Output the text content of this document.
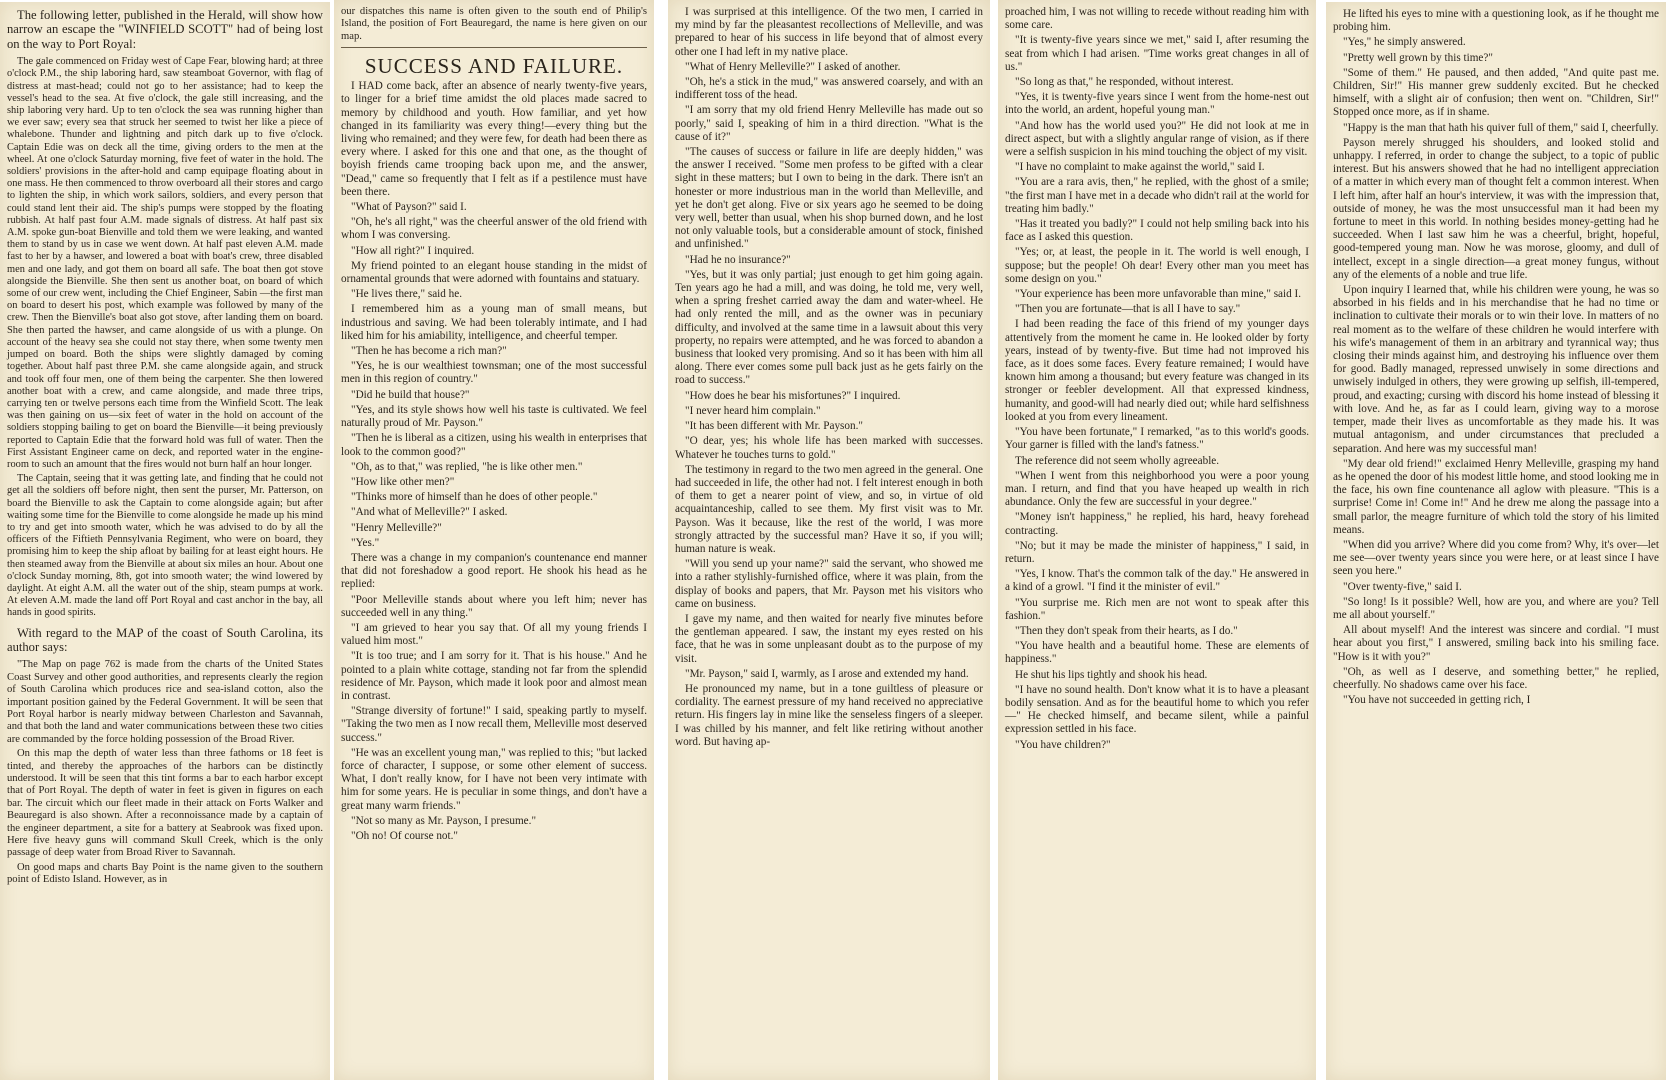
The following letter, published in the Herald, will show how narrow an escape the "WINFIELD SCOTT" had of being lost on the way to Port Royal:

The gale commenced on Friday west of Cape Fear, blowing hard; at three o'clock P.M., the ship laboring hard, saw steamboat Governor, with flag of distress at mast-head; could not go to her assistance; had to keep the vessel's head to the sea. At five o'clock, the gale still increasing, and the ship laboring very hard. Up to ten o'clock the sea was running higher than we ever saw; every sea that struck her seemed to twist her like a piece of whalebone. Thunder and lightning and pitch dark up to five o'clock. Captain Edie was on deck all the time, giving orders to the men at the wheel. At one o'clock Saturday morning, five feet of water in the hold. The soldiers' provisions in the after-hold and camp equipage floating about in one mass. He then commenced to throw overboard all their stores and cargo to lighten the ship, in which work sailors, soldiers, and every person that could stand lent their aid. The ship's pumps were stopped by the floating rubbish. At half past four A.M. made signals of distress. At half past six A.M. spoke gun-boat Bienville and told them we were leaking, and wanted them to stand by us in case we went down. At half past eleven A.M. made fast to her by a hawser, and lowered a boat with boat's crew, three disabled men and one lady, and got them on board all safe. The boat then got stove alongside the Bienville. She then sent us another boat, on board of which some of our crew went, including the Chief Engineer, Sabin —the first man on board to desert his post, which example was followed by many of the crew. Then the Bienville's boat also got stove, after landing them on board. She then parted the hawser, and came alongside of us with a plunge. On account of the heavy sea she could not stay there, when some twenty men jumped on board. Both the ships were slightly damaged by coming together. About half past three P.M. she came alongside again, and struck and took off four men, one of them being the carpenter. She then lowered another boat with a crew, and came alongside, and made three trips, carrying ten or twelve persons each time from the Winfield Scott. The leak was then gaining on us—six feet of water in the hold on account of the soldiers stopping bailing to get on board the Bienville—it being previously reported to Captain Edie that the forward hold was full of water. Then the First Assistant Engineer came on deck, and reported water in the engine-room to such an amount that the fires would not burn half an hour longer.

The Captain, seeing that it was getting late, and finding that he could not get all the soldiers off before night, then sent the purser, Mr. Patterson, on board the Bienville to ask the Captain to come alongside again; but after waiting some time for the Bienville to come alongside he made up his mind to try and get into smooth water, which he was advised to do by all the officers of the Fiftieth Pennsylvania Regiment, who were on board, they promising him to keep the ship afloat by bailing for at least eight hours. He then steamed away from the Bienville at about six miles an hour. About one o'clock Sunday morning, 8th, got into smooth water; the wind lowered by daylight. At eight A.M. all the water out of the ship, steam pumps at work. At eleven A.M. made the land off Port Royal and cast anchor in the bay, all hands in good spirits.

With regard to the MAP of the coast of South Carolina, its author says:

"The Map on page 762 is made from the charts of the United States Coast Survey and other good authorities, and represents clearly the region of South Carolina which produces rice and sea-island cotton, also the important position gained by the Federal Government. It will be seen that Port Royal harbor is nearly midway between Charleston and Savannah, and that both the land and water communications between these two cities are commanded by the force holding possession of the Broad River.

On this map the depth of water less than three fathoms or 18 feet is tinted, and thereby the approaches of the harbors can be distinctly understood. It will be seen that this tint forms a bar to each harbor except that of Port Royal. The depth of water in feet is given in figures on each bar. The circuit which our fleet made in their attack on Forts Walker and Beauregard is also shown. After a reconnoissance made by a captain of the engineer department, a site for a battery at Seabrook was fixed upon. Here five heavy guns will command Skull Creek, which is the only passage of deep water from Broad River to Savannah.

On good maps and charts Bay Point is the name given to the southern point of Edisto Island. However, as in

our dispatches this name is often given to the south end of Philip's Island, the position of Fort Beauregard, the name is here given on our map.

SUCCESS AND FAILURE.

I HAD come back, after an absence of nearly twenty-five years, to linger for a brief time amidst the old places made sacred to memory by childhood and youth. How familiar, and yet how changed in its familiarity was every thing!—every thing but the living who remained; and they were few, for death had been there as every where. I asked for this one and that one, as the thought of boyish friends came trooping back upon me, and the answer, "Dead," came so frequently that I felt as if a pestilence must have been there.

"What of Payson?" said I.

"Oh, he's all right," was the cheerful answer of the old friend with whom I was conversing.

"How all right?" I inquired.

My friend pointed to an elegant house standing in the midst of ornamental grounds that were adorned with fountains and statuary.

"He lives there," said he.

I remembered him as a young man of small means, but industrious and saving. We had been tolerably intimate, and I had liked him for his amiability, intelligence, and cheerful temper.

"Then he has become a rich man?"

"Yes, he is our wealthiest townsman; one of the most successful men in this region of country."

"Did he build that house?"

"Yes, and its style shows how well his taste is cultivated. We feel naturally proud of Mr. Payson."

"Then he is liberal as a citizen, using his wealth in enterprises that look to the common good?"

"Oh, as to that," was replied, "he is like other men."

"How like other men?"

"Thinks more of himself than he does of other people."

"And what of Melleville?" I asked.

"Henry Melleville?"

"Yes."

There was a change in my companion's countenance end manner that did not foreshadow a good report. He shook his head as he replied:

"Poor Melleville stands about where you left him; never has succeeded well in any thing."

"I am grieved to hear you say that. Of all my young friends I valued him most."

"It is too true; and I am sorry for it. That is his house." And he pointed to a plain white cottage, standing not far from the splendid residence of Mr. Payson, which made it look poor and almost mean in contrast.

"Strange diversity of fortune!" I said, speaking partly to myself. "Taking the two men as I now recall them, Melleville most deserved success."

"He was an excellent young man," was replied to this; "but lacked force of character, I suppose, or some other element of success. What, I don't really know, for I have not been very intimate with him for some years. He is peculiar in some things, and don't have a great many warm friends."

"Not so many as Mr. Payson, I presume."

"Oh no! Of course not."

I was surprised at this intelligence. Of the two men, I carried in my mind by far the pleasantest recollections of Melleville, and was prepared to hear of his success in life beyond that of almost every other one I had left in my native place.

"What of Henry Melleville?" I asked of another.

"Oh, he's a stick in the mud," was answered coarsely, and with an indifferent toss of the head.

"I am sorry that my old friend Henry Melleville has made out so poorly," said I, speaking of him in a third direction. "What is the cause of it?"

"The causes of success or failure in life are deeply hidden," was the answer I received. "Some men profess to be gifted with a clear sight in these matters; but I own to being in the dark. There isn't an honester or more industrious man in the world than Melleville, and yet he don't get along. Five or six years ago he seemed to be doing very well, better than usual, when his shop burned down, and he lost not only valuable tools, but a considerable amount of stock, finished and unfinished."

"Had he no insurance?"

"Yes, but it was only partial; just enough to get him going again. Ten years ago he had a mill, and was doing, he told me, very well, when a spring freshet carried away the dam and water-wheel. He had only rented the mill, and as the owner was in pecuniary difficulty, and involved at the same time in a lawsuit about this very property, no repairs were attempted, and he was forced to abandon a business that looked very promising. And so it has been with him all along. There ever comes some pull back just as he gets fairly on the road to success."

"How does he bear his misfortunes?" I inquired.

"I never heard him complain."

"It has been different with Mr. Payson."

"O dear, yes; his whole life has been marked with successes. Whatever he touches turns to gold."

The testimony in regard to the two men agreed in the general. One had succeeded in life, the other had not. I felt interest enough in both of them to get a nearer point of view, and so, in virtue of old acquaintanceship, called to see them. My first visit was to Mr. Payson. Was it because, like the rest of the world, I was more strongly attracted by the successful man? Have it so, if you will; human nature is weak.

"Will you send up your name?" said the servant, who showed me into a rather stylishly-furnished office, where it was plain, from the display of books and papers, that Mr. Payson met his visitors who came on business.

I gave my name, and then waited for nearly five minutes before the gentleman appeared. I saw, the instant my eyes rested on his face, that he was in some unpleasant doubt as to the purpose of my visit.

"Mr. Payson," said I, warmly, as I arose and extended my hand.

He pronounced my name, but in a tone guiltless of pleasure or cordiality. The earnest pressure of my hand received no appreciative return. His fingers lay in mine like the senseless fingers of a sleeper. I was chilled by his manner, and felt like retiring without another word. But having ap-

proached him, I was not willing to recede without reading him with some care.

"It is twenty-five years since we met," said I, after resuming the seat from which I had arisen. "Time works great changes in all of us."

"So long as that," he responded, without interest.

"Yes, it is twenty-five years since I went from the home-nest out into the world, an ardent, hopeful young man."

"And how has the world used you?" He did not look at me in direct aspect, but with a slightly angular range of vision, as if there were a selfish suspicion in his mind touching the object of my visit.

"I have no complaint to make against the world," said I.

"You are a rara avis, then," he replied, with the ghost of a smile; "the first man I have met in a decade who didn't rail at the world for treating him badly."

"Has it treated you badly?" I could not help smiling back into his face as I asked this question.

"Yes; or, at least, the people in it. The world is well enough, I suppose; but the people! Oh dear! Every other man you meet has some design on you."

"Your experience has been more unfavorable than mine," said I.

"Then you are fortunate—that is all I have to say."

I had been reading the face of this friend of my younger days attentively from the moment he came in. He looked older by forty years, instead of by twenty-five. But time had not improved his face, as it does some faces. Every feature remained; I would have known him among a thousand; but every feature was changed in its stronger or feebler development. All that expressed kindness, humanity, and good-will had nearly died out; while hard selfishness looked at you from every lineament.

"You have been fortunate," I remarked, "as to this world's goods. Your garner is filled with the land's fatness."

The reference did not seem wholly agreeable.

"When I went from this neighborhood you were a poor young man. I return, and find that you have heaped up wealth in rich abundance. Only the few are successful in your degree."

"Money isn't happiness," he replied, his hard, heavy forehead contracting.

"No; but it may be made the minister of happiness," I said, in return.

"Yes, I know. That's the common talk of the day." He answered in a kind of a growl. "I find it the minister of evil."

"You surprise me. Rich men are not wont to speak after this fashion."

"Then they don't speak from their hearts, as I do."

"You have health and a beautiful home. These are elements of happiness."

He shut his lips tightly and shook his head.

"I have no sound health. Don't know what it is to have a pleasant bodily sensation. And as for the beautiful home to which you refer—" He checked himself, and became silent, while a painful expression settled in his face.

"You have children?"

He lifted his eyes to mine with a questioning look, as if he thought me probing him.

"Yes," he simply answered.

"Pretty well grown by this time?"

"Some of them." He paused, and then added, "And quite past me. Children, Sir!" His manner grew suddenly excited. But he checked himself, with a slight air of confusion; then went on. "Children, Sir!" Stopped once more, as if in shame.

"Happy is the man that hath his quiver full of them," said I, cheerfully.

Payson merely shrugged his shoulders, and looked stolid and unhappy. I referred, in order to change the subject, to a topic of public interest. But his answers showed that he had no intelligent appreciation of a matter in which every man of thought felt a common interest. When I left him, after half an hour's interview, it was with the impression that, outside of money, he was the most unsuccessful man it had been my fortune to meet in this world. In nothing besides money-getting had he succeeded. When I last saw him he was a cheerful, bright, hopeful, good-tempered young man. Now he was morose, gloomy, and dull of intellect, except in a single direction—a great money fungus, without any of the elements of a noble and true life.

Upon inquiry I learned that, while his children were young, he was so absorbed in his fields and in his merchandise that he had no time or inclination to cultivate their morals or to win their love. In matters of no real moment as to the welfare of these children he would interfere with his wife's management of them in an arbitrary and tyrannical way; thus closing their minds against him, and destroying his influence over them for good. Badly managed, repressed unwisely in some directions and unwisely indulged in others, they were growing up selfish, ill-tempered, proud, and exacting; cursing with discord his home instead of blessing it with love. And he, as far as I could learn, giving way to a morose temper, made their lives as uncomfortable as they made his. It was mutual antagonism, and under circumstances that precluded a separation. And here was my successful man!

"My dear old friend!" exclaimed Henry Melleville, grasping my hand as he opened the door of his modest little home, and stood looking me in the face, his own fine countenance all aglow with pleasure. "This is a surprise! Come in! Come in!" And he drew me along the passage into a small parlor, the meagre furniture of which told the story of his limited means.

"When did you arrive? Where did you come from? Why, it's over—let me see—over twenty years since you were here, or at least since I have seen you here."

"Over twenty-five," said I.

"So long! Is it possible? Well, how are you, and where are you? Tell me all about yourself."

All about myself! And the interest was sincere and cordial. "I must hear about you first," I answered, smiling back into his smiling face. "How is it with you?"

"Oh, as well as I deserve, and something better," he replied, cheerfully. No shadows came over his face.

"You have not succeeded in getting rich, I
